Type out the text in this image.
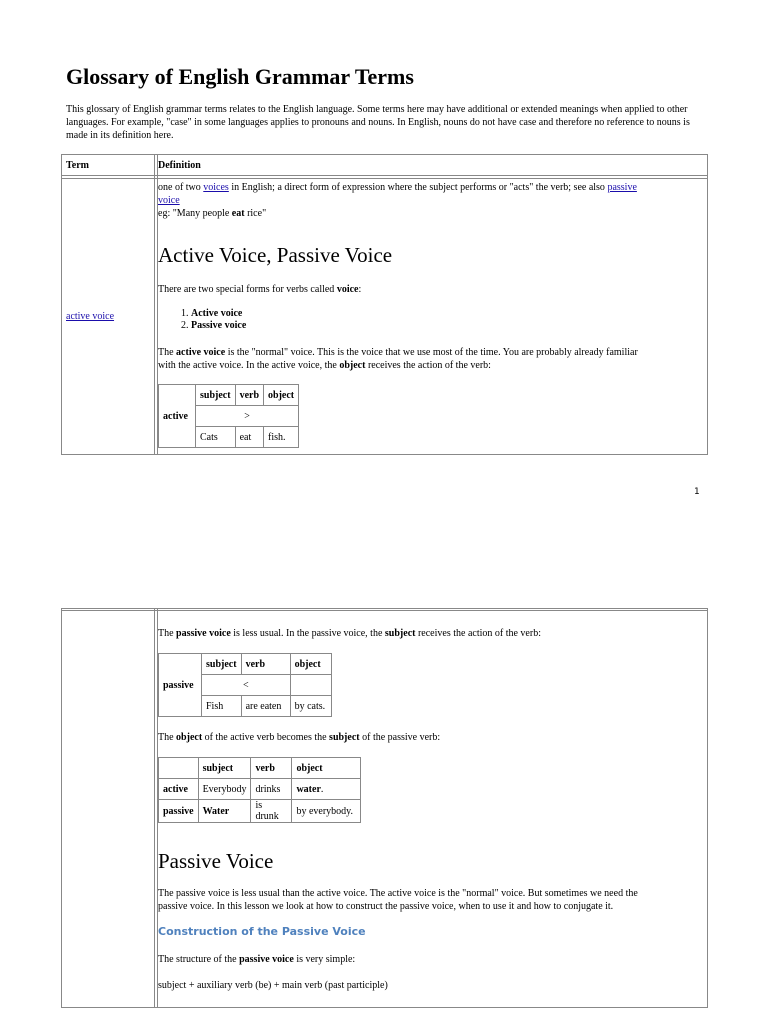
Glossary of English Grammar Terms

This glossary of English grammar terms relates to the English language. Some terms here may have additional or extended meanings when applied to other languages. For example, "case" in some languages applies to pronouns and nouns. In English, nouns do not have case and therefore no reference to nouns is made in its definition here.

Term	Definition
active voice
one of two voices in English; a direct form of expression where the subject performs or "acts" the verb; see also passive
voice
eg: "Many people eat rice"
Active Voice, Passive Voice
There are two special forms for verbs called voice:
1. Active voice
2. Passive voice
The active voice is the "normal" voice. This is the voice that we use most of the time. You are probably already familiar
with the active voice. In the active voice, the object receives the action of the verb:
active	subject	verb	object
	>		
	Cats	eat	fish.
1
The passive voice is less usual. In the passive voice, the subject receives the action of the verb:
passive	subject	verb	object
	<		
	Fish	are eaten	by cats.
The object of the active verb becomes the subject of the passive verb:
	subject	verb	object
active	Everybody	drinks	water.
passive	Water	is drunk	by everybody.
Passive Voice
The passive voice is less usual than the active voice. The active voice is the "normal" voice. But sometimes we need the
passive voice. In this lesson we look at how to construct the passive voice, when to use it and how to conjugate it.
Construction of the Passive Voice
The structure of the passive voice is very simple:
subject + auxiliary verb (be) + main verb (past participle)
